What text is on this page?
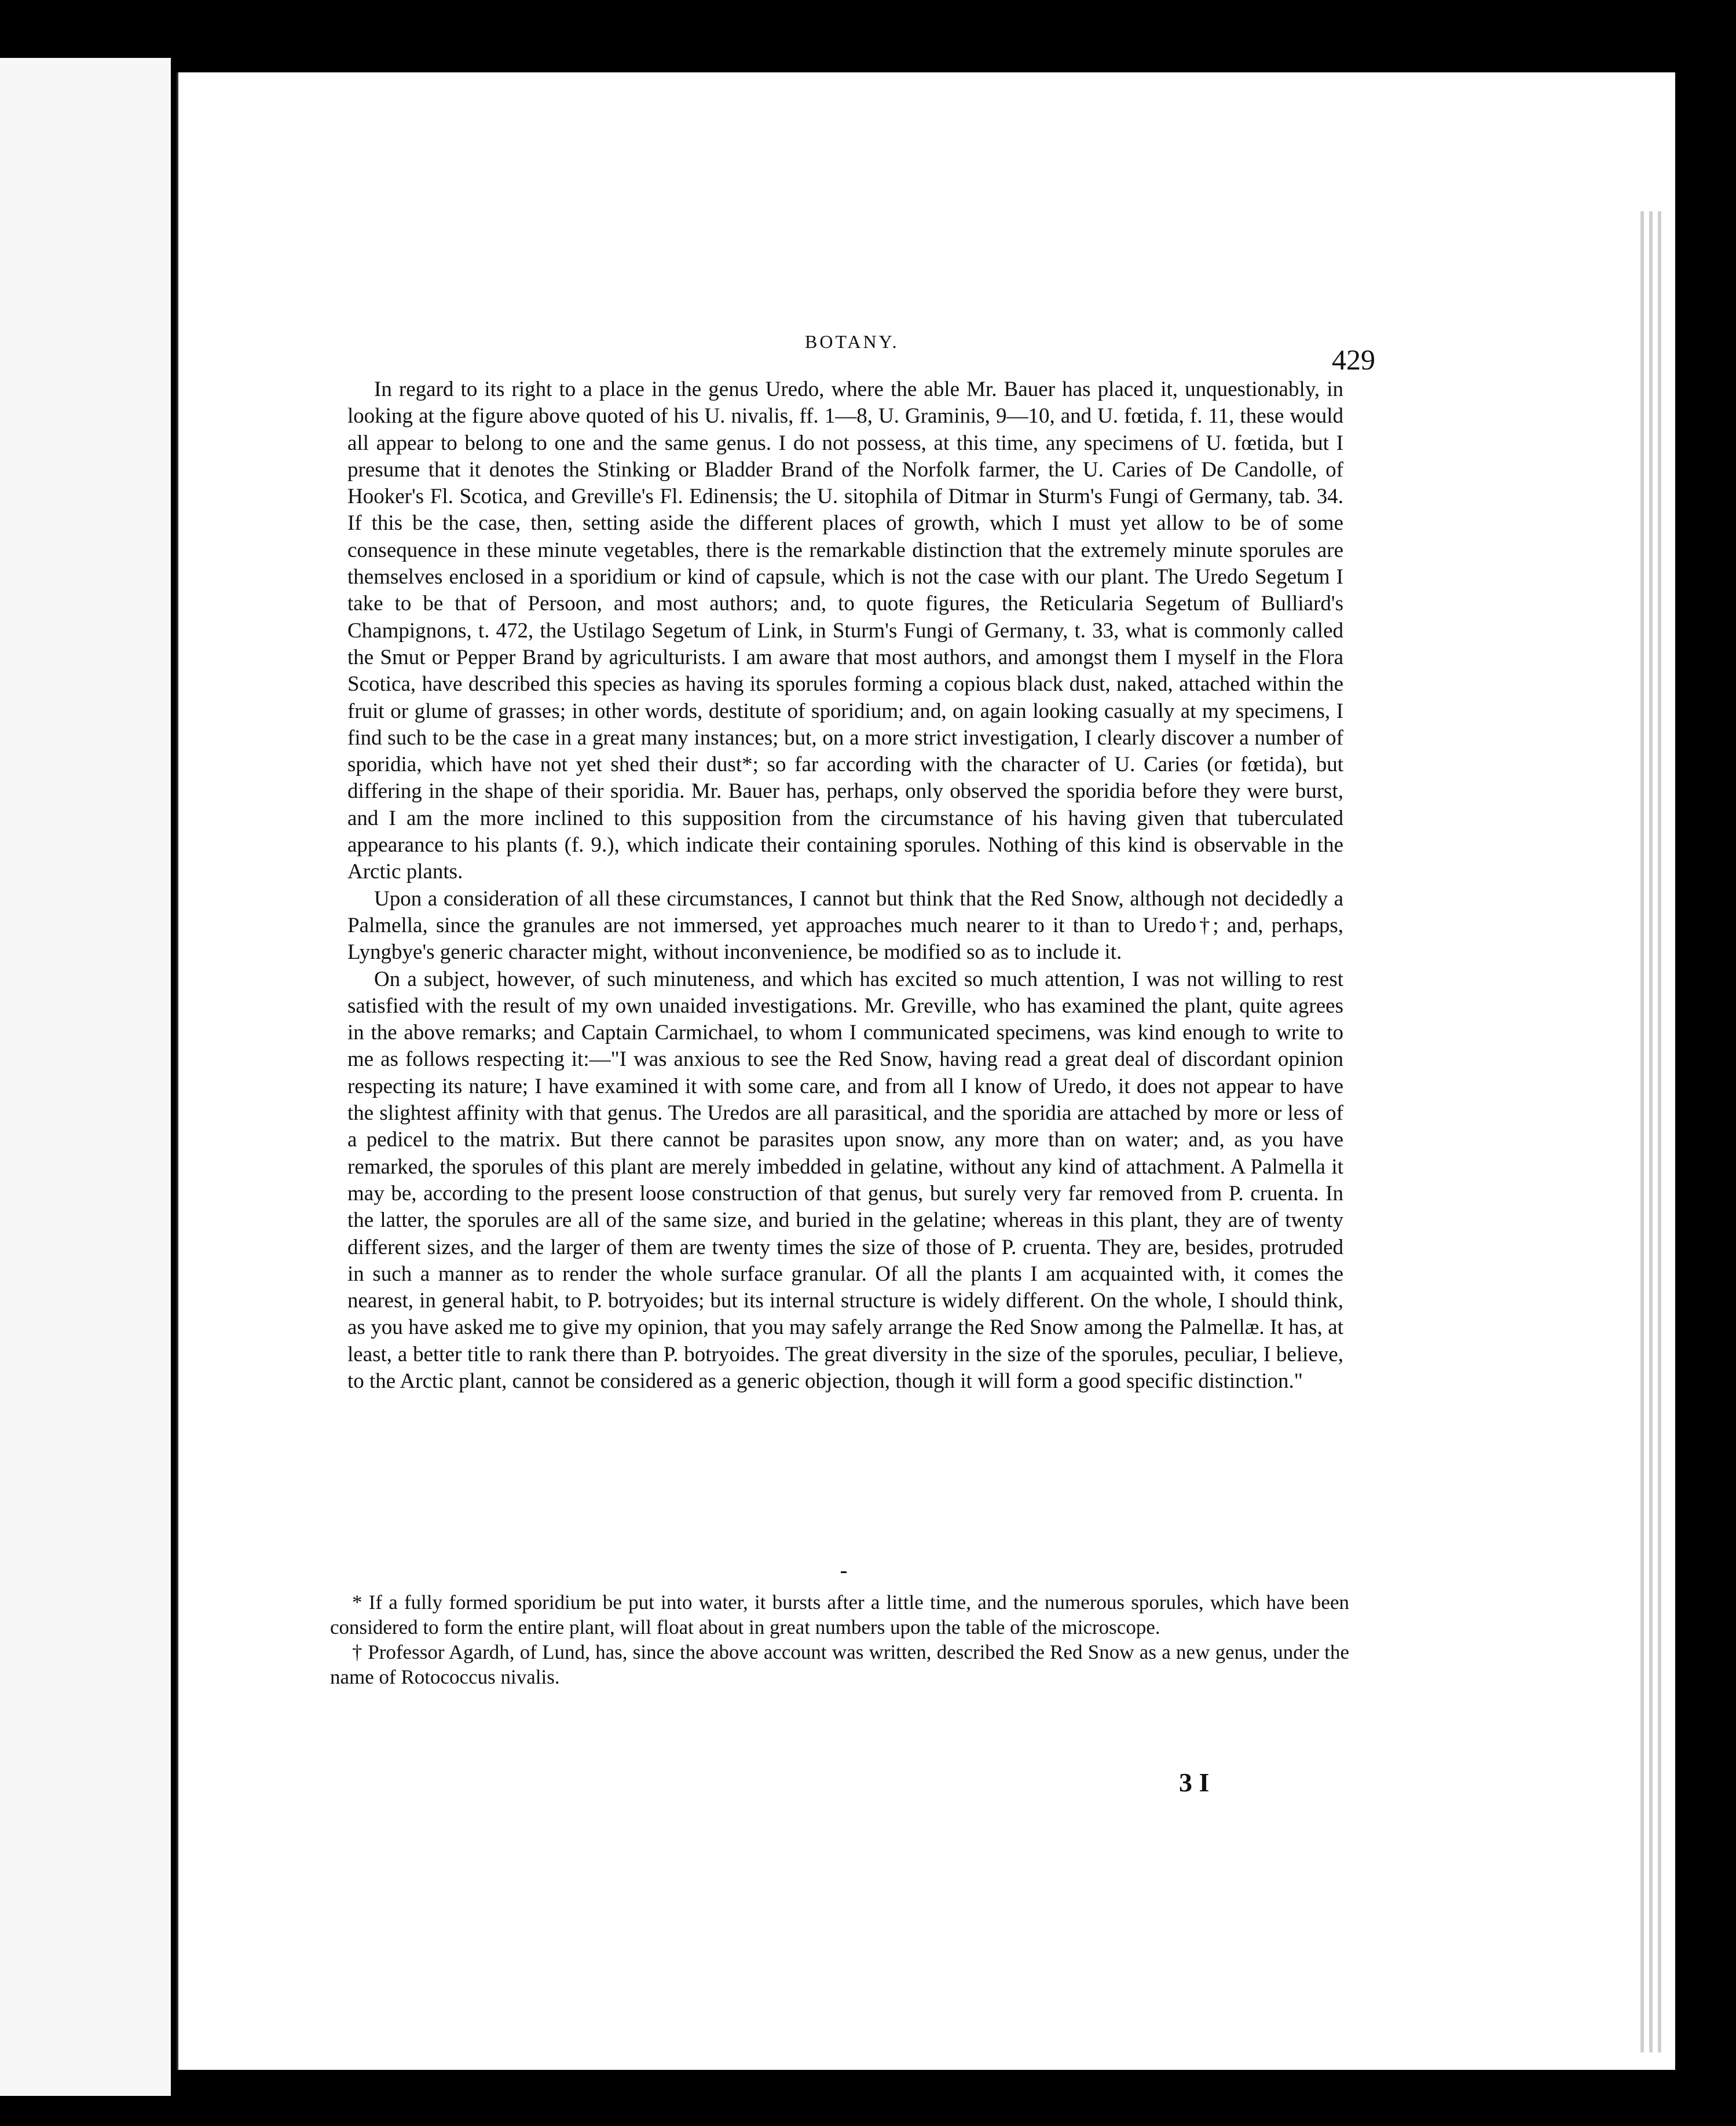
BOTANY.
429

In regard to its right to a place in the genus Uredo, where the able Mr. Bauer has placed it, unquestionably, in looking at the figure above quoted of his U. nivalis, ff. 1—8, U. Graminis, 9—10, and U. fœtida, f. 11, these would all appear to belong to one and the same genus. I do not possess, at this time, any specimens of U. fœtida, but I presume that it denotes the Stinking or Bladder Brand of the Norfolk farmer, the U. Caries of De Candolle, of Hooker's Fl. Scotica, and Greville's Fl. Edinensis; the U. sitophila of Ditmar in Sturm's Fungi of Germany, tab. 34. If this be the case, then, setting aside the different places of growth, which I must yet allow to be of some consequence in these minute vegetables, there is the remarkable distinction that the extremely minute sporules are themselves enclosed in a sporidium or kind of capsule, which is not the case with our plant. The Uredo Segetum I take to be that of Persoon, and most authors; and, to quote figures, the Reticularia Segetum of Bulliard's Champignons, t. 472, the Ustilago Segetum of Link, in Sturm's Fungi of Germany, t. 33, what is commonly called the Smut or Pepper Brand by agriculturists. I am aware that most authors, and amongst them I myself in the Flora Scotica, have described this species as having its sporules forming a copious black dust, naked, attached within the fruit or glume of grasses; in other words, destitute of sporidium; and, on again looking casually at my specimens, I find such to be the case in a great many instances; but, on a more strict investigation, I clearly discover a number of sporidia, which have not yet shed their dust*; so far according with the character of U. Caries (or fœtida), but differing in the shape of their sporidia. Mr. Bauer has, perhaps, only observed the sporidia before they were burst, and I am the more inclined to this supposition from the circumstance of his having given that tuberculated appearance to his plants (f. 9.), which indicate their containing sporules. Nothing of this kind is observable in the Arctic plants.

Upon a consideration of all these circumstances, I cannot but think that the Red Snow, although not decidedly a Palmella, since the granules are not immersed, yet approaches much nearer to it than to Uredo†; and, perhaps, Lyngbye's generic character might, without inconvenience, be modified so as to include it.

On a subject, however, of such minuteness, and which has excited so much attention, I was not willing to rest satisfied with the result of my own unaided investigations. Mr. Greville, who has examined the plant, quite agrees in the above remarks; and Captain Carmichael, to whom I communicated specimens, was kind enough to write to me as follows respecting it:—"I was anxious to see the Red Snow, having read a great deal of discordant opinion respecting its nature; I have examined it with some care, and from all I know of Uredo, it does not appear to have the slightest affinity with that genus. The Uredos are all parasitical, and the sporidia are attached by more or less of a pedicel to the matrix. But there cannot be parasites upon snow, any more than on water; and, as you have remarked, the sporules of this plant are merely imbedded in gelatine, without any kind of attachment. A Palmella it may be, according to the present loose construction of that genus, but surely very far removed from P. cruenta. In the latter, the sporules are all of the same size, and buried in the gelatine; whereas in this plant, they are of twenty different sizes, and the larger of them are twenty times the size of those of P. cruenta. They are, besides, protruded in such a manner as to render the whole surface granular. Of all the plants I am acquainted with, it comes the nearest, in general habit, to P. botryoides; but its internal structure is widely different. On the whole, I should think, as you have asked me to give my opinion, that you may safely arrange the Red Snow among the Palmellæ. It has, at least, a better title to rank there than P. botryoides. The great diversity in the size of the sporules, peculiar, I believe, to the Arctic plant, cannot be considered as a generic objection, though it will form a good specific distinction."

* If a fully formed sporidium be put into water, it bursts after a little time, and the numerous sporules, which have been considered to form the entire plant, will float about in great numbers upon the table of the microscope.

† Professor Agardh, of Lund, has, since the above account was written, described the Red Snow as a new genus, under the name of Rotococcus nivalis.

3 I
